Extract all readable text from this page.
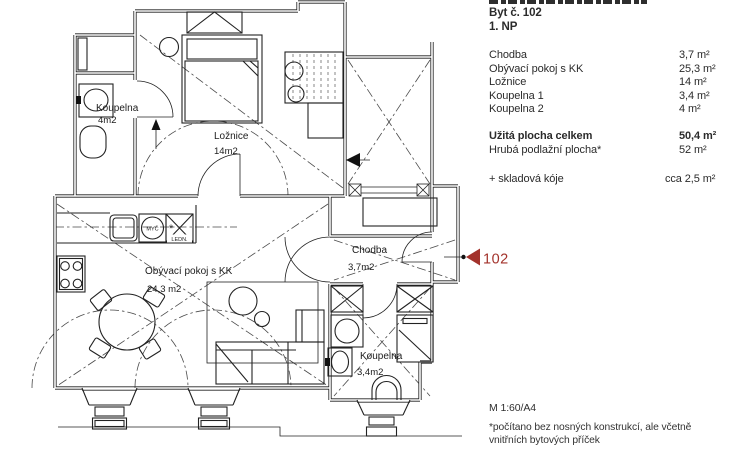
*
MYČ
LEDN.
102
Koupelna
4m2
Ložnice
14m2
Obývací pokoj s KK
24,3 m2
Chodba
3,7m2
Koupelna
3,4m2
Byt č. 102
1. NP
Chodba	3,7 m²
Obývací pokoj s KK	25,3 m²
Ložnice	14 m²
Koupelna 1	3,4 m²
Koupelna 2	4 m²
Užitá plocha celkem	50,4 m²
Hrubá podlažní plocha*	52 m²
+ skladová kóje	cca 2,5 m²
M 1:60/A4
*počítano bez nosných konstrukcí, ale včetně vnitřních bytových příček
